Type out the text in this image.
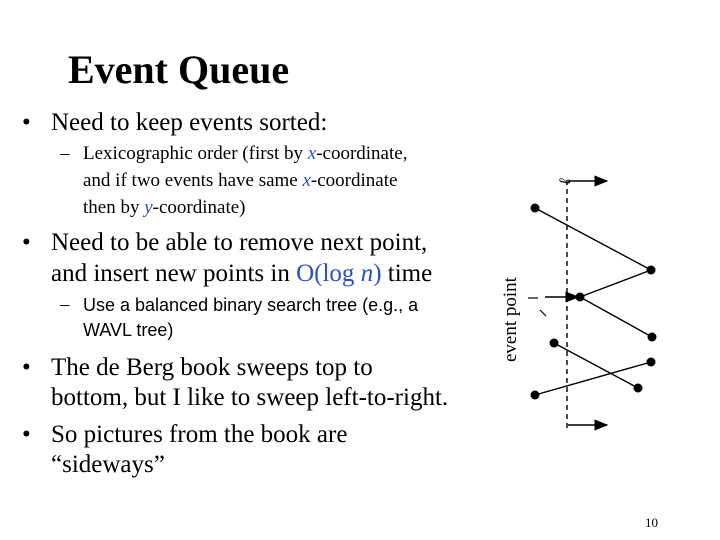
Event Queue
• Need to keep events sorted:
– Lexicographic order (first by x-coordinate,
and if two events have same x-coordinate
then by y-coordinate)
• Need to be able to remove next point,
and insert new points in O(log n) time
– Use a balanced binary search tree (e.g., a
WAVL tree)
• The de Berg book sweeps top to
bottom, but I like to sweep left-to-right.
• So pictures from the book are
“sideways”
ℓ
event point
10
